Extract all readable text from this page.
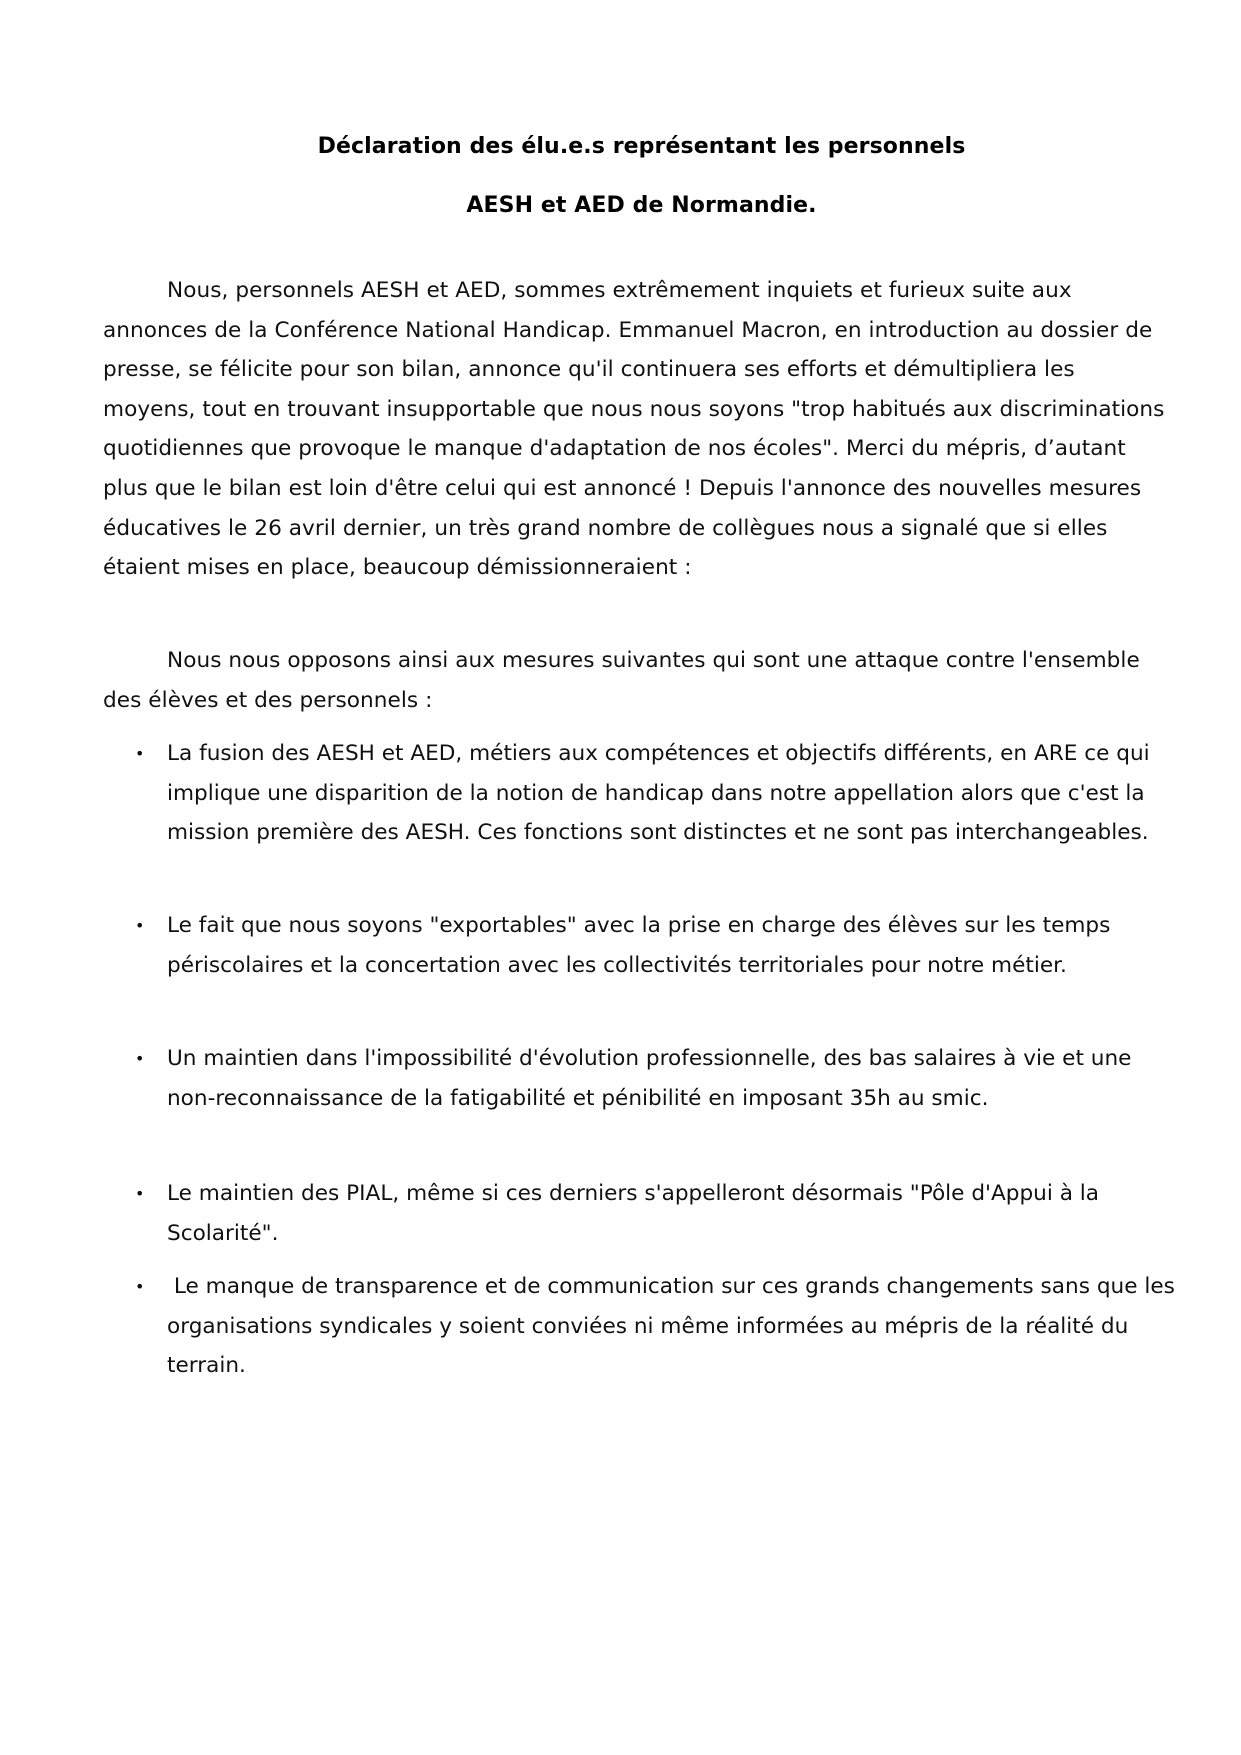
Déclaration des élu.e.s représentant les personnels
AESH et AED de Normandie.

Nous, personnels AESH et AED, sommes extrêmement inquiets et furieux suite aux annonces de la Conférence National Handicap. Emmanuel Macron, en introduction au dossier de presse, se félicite pour son bilan, annonce qu'il continuera ses efforts et démultipliera les moyens, tout en trouvant insupportable que nous nous soyons "trop habitués aux discriminations quotidiennes que provoque le manque d'adaptation de nos écoles". Merci du mépris, d’autant plus que le bilan est loin d'être celui qui est annoncé ! Depuis l'annonce des nouvelles mesures éducatives le 26 avril dernier, un très grand nombre de collègues nous a signalé que si elles étaient mises en place, beaucoup démissionneraient :

Nous nous opposons ainsi aux mesures suivantes qui sont une attaque contre l'ensemble des élèves et des personnels :

• La fusion des AESH et AED, métiers aux compétences et objectifs différents, en ARE ce qui implique une disparition de la notion de handicap dans notre appellation alors que c'est la mission première des AESH. Ces fonctions sont distinctes et ne sont pas interchangeables.
• Le fait que nous soyons "exportables" avec la prise en charge des élèves sur les temps périscolaires et la concertation avec les collectivités territoriales pour notre métier.
• Un maintien dans l'impossibilité d'évolution professionnelle, des bas salaires à vie et une non-reconnaissance de la fatigabilité et pénibilité en imposant 35h au smic.
• Le maintien des PIAL, même si ces derniers s'appelleront désormais "Pôle d'Appui à la Scolarité".
• Le manque de transparence et de communication sur ces grands changements sans que les organisations syndicales y soient conviées ni même informées au mépris de la réalité du terrain.
